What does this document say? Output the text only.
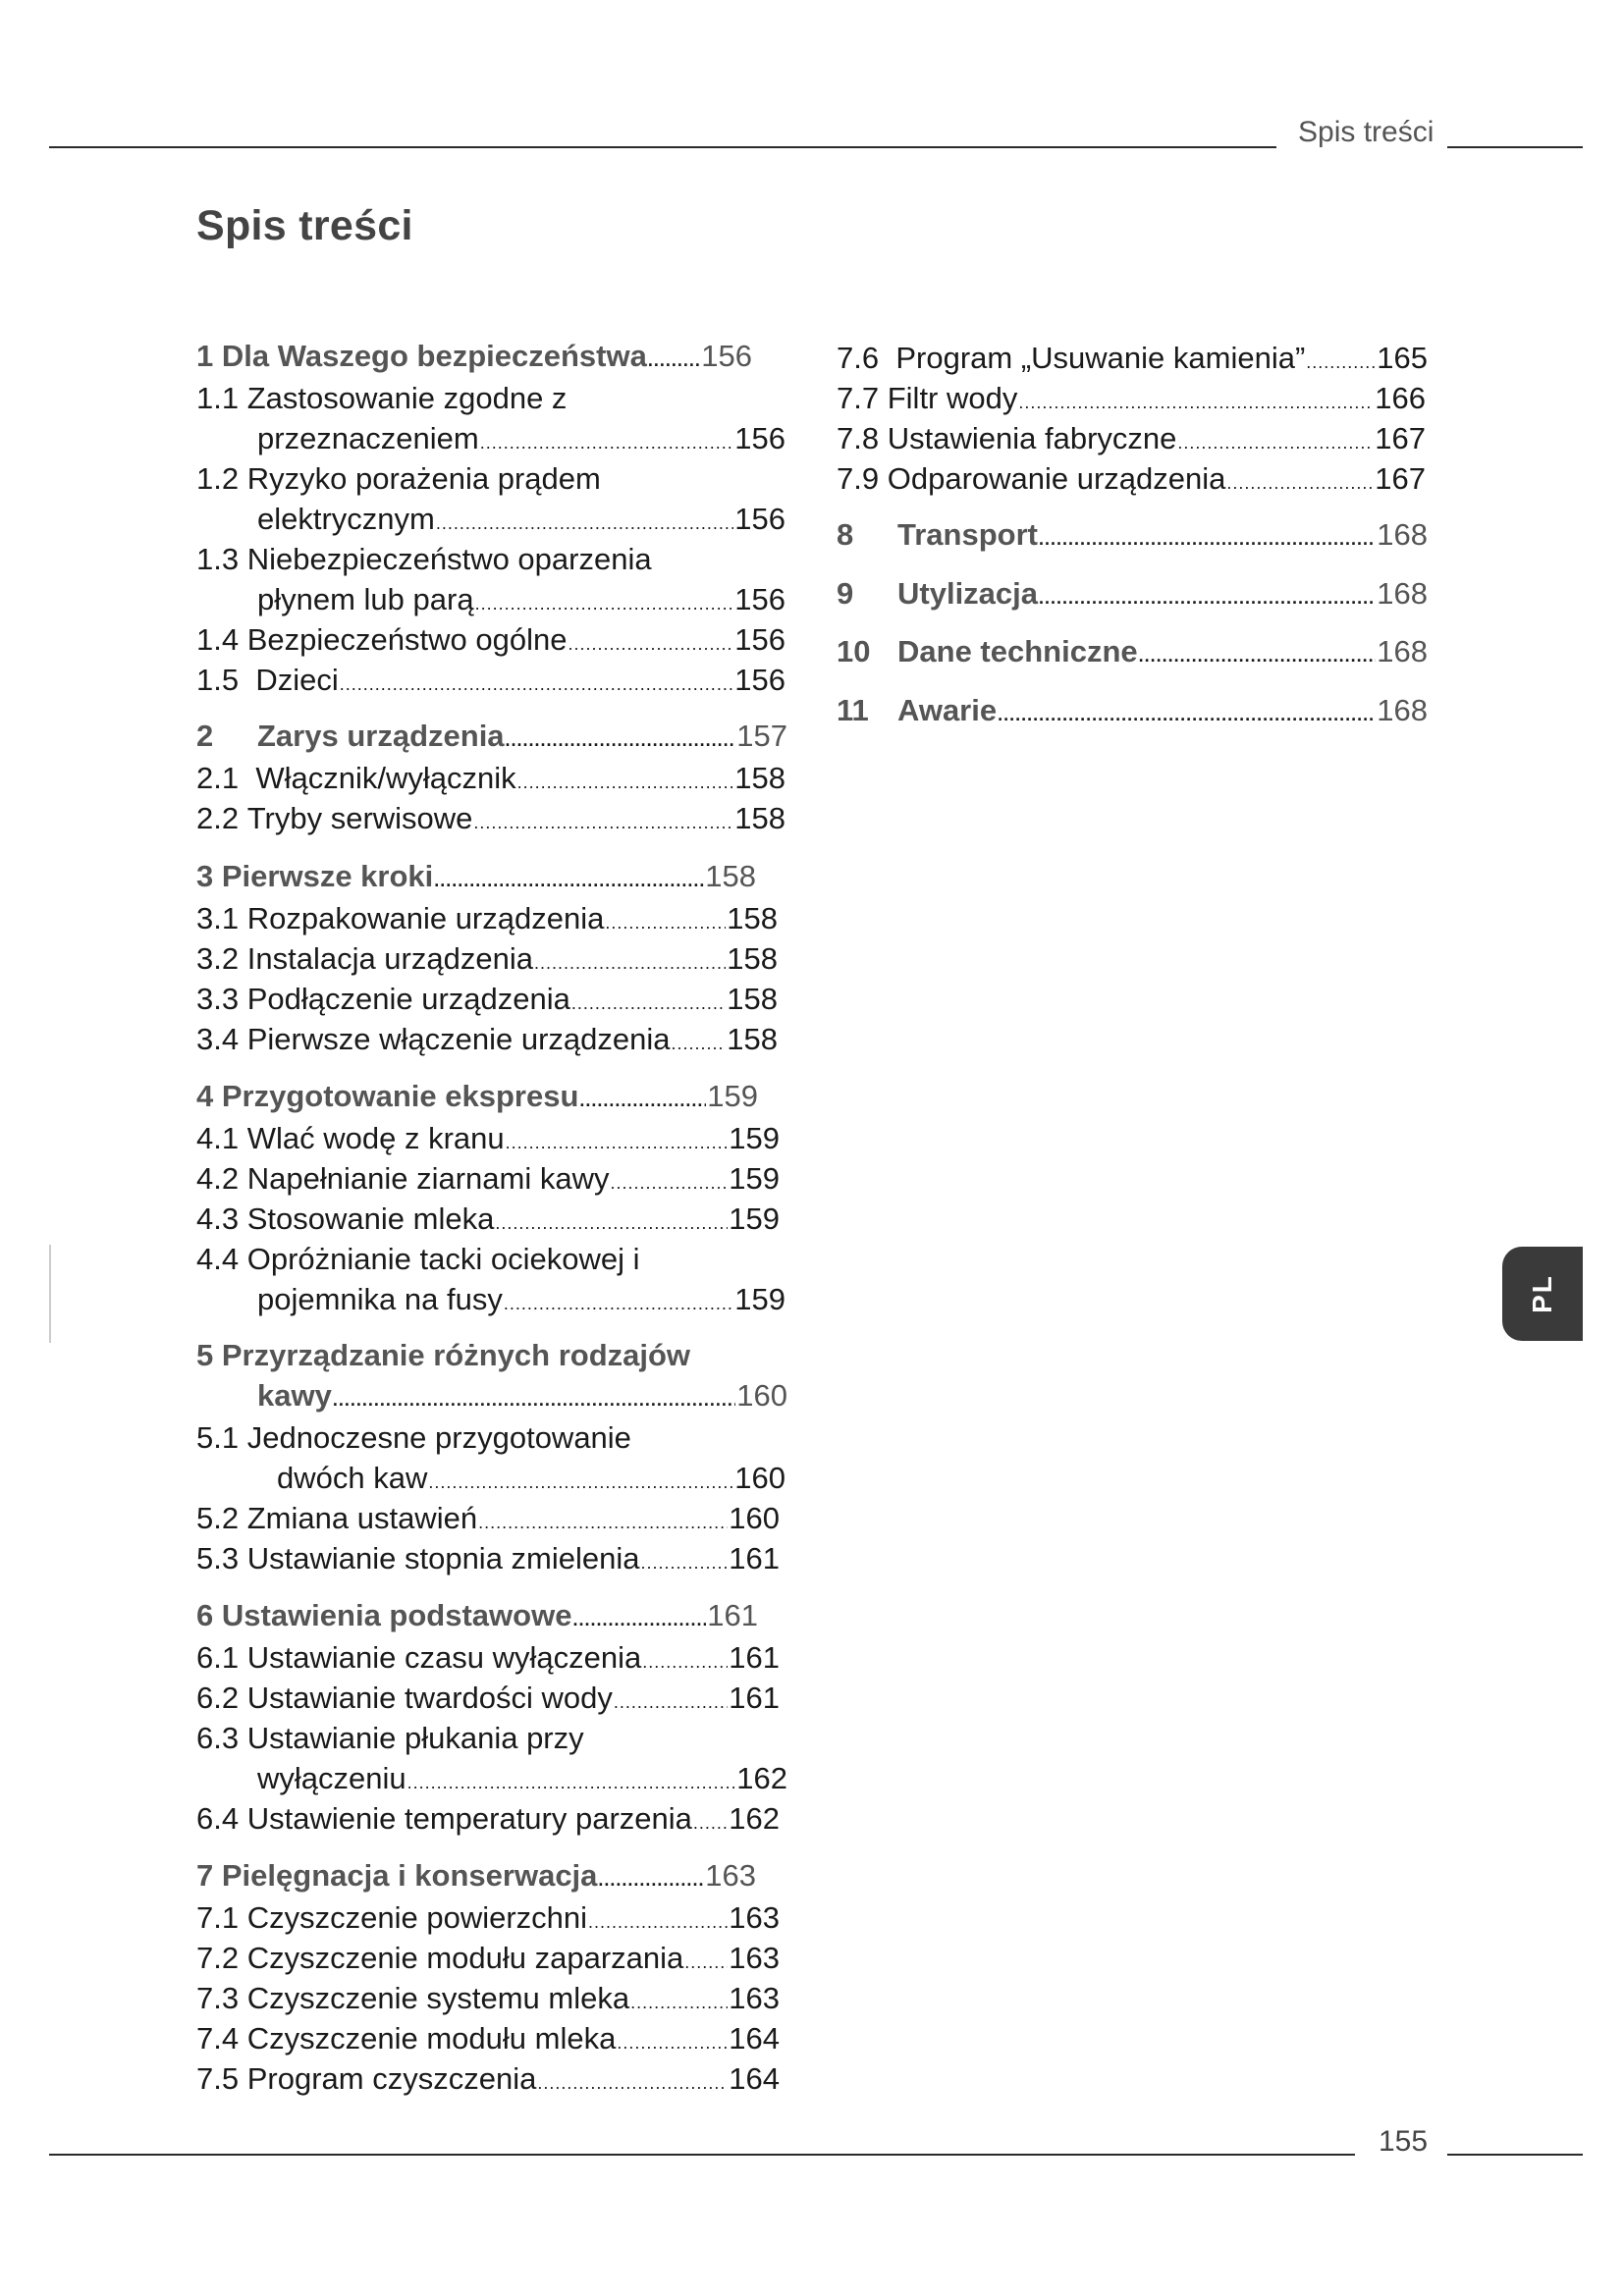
Spis treści
Spis treści
1
Dla Waszego bezpieczeństwa ..... 156
1.1
Zastosowanie zgodne z
przeznaczeniem .....	156
1.2
Ryzyko porażenia prądem
elektrycznym .....	156
1.3
Niebezpieczeństwo oparzenia
płynem lub parą .....	156
1.4
Bezpieczeństwo ogólne .....	156
1.5
Dzieci .....	156
2	Zarys urządzenia .....	157
2.1
Włącznik/wyłącznik .....	158
2.2
Tryby serwisowe .....	158
3
Pierwsze kroki .....	158
3.1
Rozpakowanie urządzenia .....	158
3.2
Instalacja urządzenia .....	158
3.3
Podłączenie urządzenia .....	158
3.4
Pierwsze włączenie urządzenia ..... 158
4
Przygotowanie ekspresu .....	159
4.1
Wlać wodę z kranu .....	159
4.2
Napełnianie ziarnami kawy .....	159
4.3
Stosowanie mleka .....	159
4.4
Opróżnianie tacki ociekowej i
pojemnika na fusy .....	159
5
Przyrządzanie różnych rodzajów
kawy .....	160
5.1
Jednoczesne przygotowanie
dwóch kaw .....	160
5.2
Zmiana ustawień .....	160
5.3
Ustawianie stopnia zmielenia .....	161
6
Ustawienia podstawowe .....	161
6.1
Ustawianie czasu wyłączenia .....	161
6.2
Ustawianie twardości wody .....	161
6.3
Ustawianie płukania przy
wyłączeniu .....	162
6.4
Ustawienie temperatury parzenia ..... 162
7
Pielęgnacja i konserwacja .....	163
7.1
Czyszczenie powierzchni .....	163
7.2
Czyszczenie modułu zaparzania ..... 163
7.3
Czyszczenie systemu mleka .....	163
7.4
Czyszczenie modułu mleka .....	164
7.5
Program czyszczenia .....	164
7.6
Program „Usuwanie kamienia” ..... 165
7.7
Filtr wody .....	166
7.8
Ustawienia fabryczne .....	167
7.9
Odparowanie urządzenia .....	167
8	Transport .....	168
9	Utylizacja .....	168
10 Dane techniczne .....	168
11 Awarie .....	168
PL
155
